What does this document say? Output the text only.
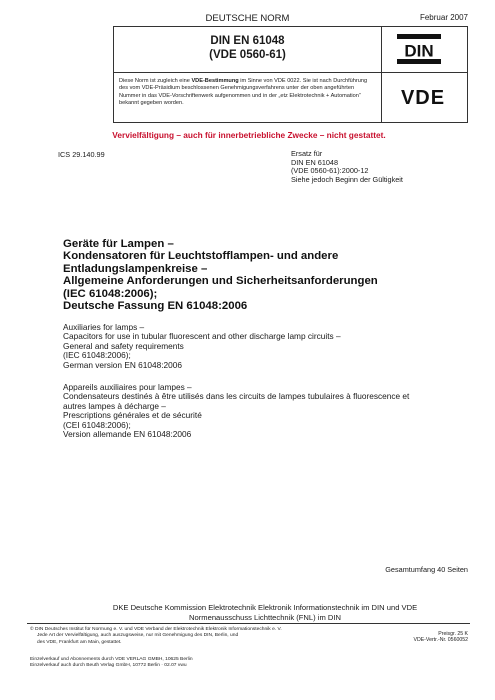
DEUTSCHE NORM	Februar 2007
DIN EN 61048
(VDE 0560-61)
Diese Norm ist zugleich eine VDE-Bestimmung im Sinne von VDE 0022. Sie ist nach Durchführung des vom VDE-Präsidium beschlossenen Genehmigungsverfahrens unter der oben angeführten Nummer in das VDE-Vorschriftenwerk aufgenommen und in der „etz Elektrotechnik + Automation“ bekannt gegeben worden.
DIN
VDE
Vervielfältigung – auch für innerbetriebliche Zwecke – nicht gestattet.
ICS 29.140.99	Ersatz für
DIN EN 61048
(VDE 0560-61):2000-12
Siehe jedoch Beginn der Gültigkeit
Geräte für Lampen –
Kondensatoren für Leuchtstofflampen- und andere
Entladungslampenkreise –
Allgemeine Anforderungen und Sicherheitsanforderungen
(IEC 61048:2006);
Deutsche Fassung EN 61048:2006
Auxiliaries for lamps –
Capacitors for use in tubular fluorescent and other discharge lamp circuits –
General and safety requirements
(IEC 61048:2006);
German version EN 61048:2006
Appareils auxiliaires pour lampes –
Condensateurs destinés à être utilisés dans les circuits de lampes tubulaires à fluorescence et
autres lampes à décharge –
Prescriptions générales et de sécurité
(CEI 61048:2006);
Version allemande EN 61048:2006
Gesamtumfang 40 Seiten
DKE Deutsche Kommission Elektrotechnik Elektronik Informationstechnik im DIN und VDE
Normenausschuss Lichttechnik (FNL) im DIN
© DIN Deutsches Institut für Normung e. V. und VDE Verband der Elektrotechnik Elektronik Informationstechnik e. V.
Jede Art der Vervielfältigung, auch auszugsweise, nur mit Genehmigung des DIN, Berlin, und
des VDE, Frankfurt am Main, gestattet.
Preisgr. 25 K
VDE-Vertr.-Nr. 0560052
Einzelverkauf und Abonnements durch VDE VERLAG GMBH, 10625 Berlin
Einzelverkauf auch durch Beuth Verlag GmbH, 10772 Berlin · 02.07 vwu
